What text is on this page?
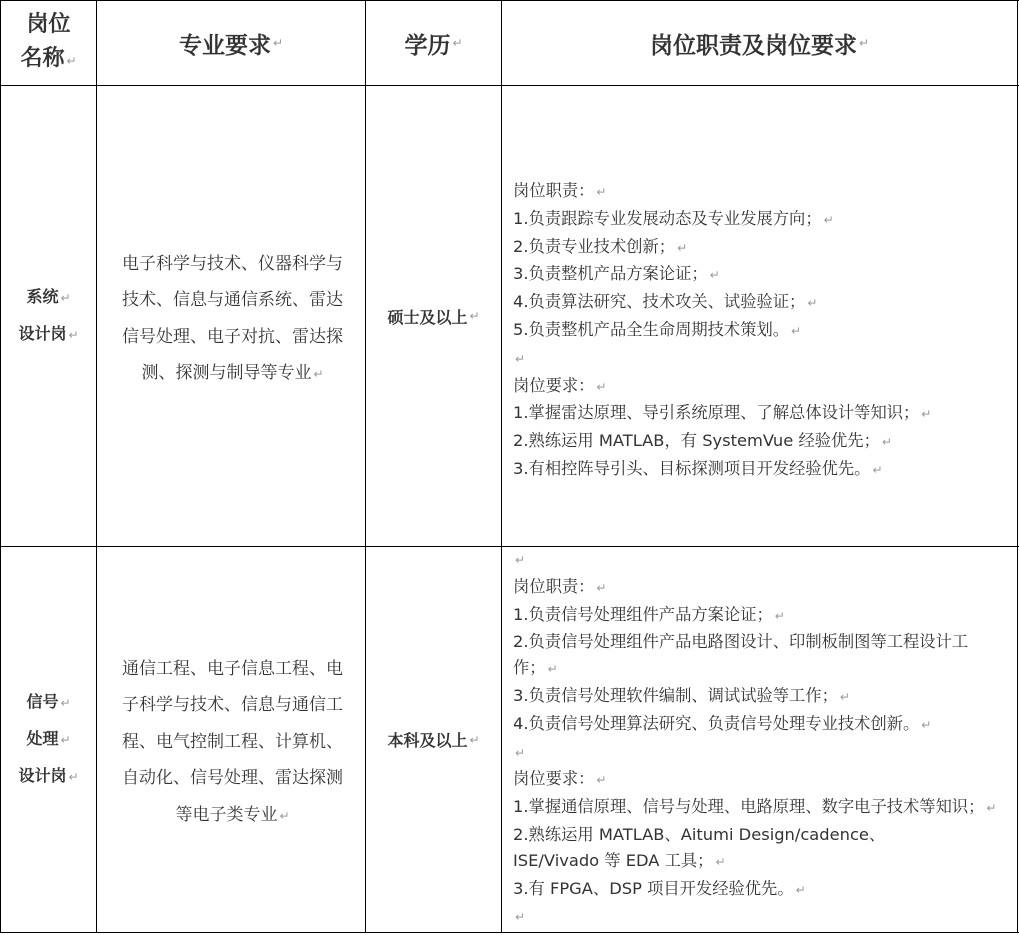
岗位
名称 ↵
专业要求 ↵	学历 ↵	岗位职责及岗位要求 ↵
系统 ↵
设计岗 ↵
电子科学与技术、仪器科学与技术、信息与通信系统、雷达信号处理、电子对抗、雷达探测、探测与制导等专业 ↵
硕士及以上 ↵
岗位职责： ↵
1.负责跟踪专业发展动态及专业发展方向； ↵
2.负责专业技术创新； ↵
3.负责整机产品方案论证； ↵
4.负责算法研究、技术攻关、试验验证； ↵
5.负责整机产品全生命周期技术策划。 ↵
↵
岗位要求： ↵
1.掌握雷达原理、导引系统原理、了解总体设计等知识； ↵
2.熟练运用 MATLAB，有 SystemVue 经验优先； ↵
3.有相控阵导引头、目标探测项目开发经验优先。 ↵
信号 ↵
处理 ↵
设计岗 ↵
通信工程、电子信息工程、电子科学与技术、信息与通信工程、电气控制工程、计算机、自动化、信号处理、雷达探测等电子类专业 ↵
本科及以上 ↵
↵
岗位职责： ↵
1.负责信号处理组件产品方案论证； ↵
2.负责信号处理组件产品电路图设计、印制板制图等工程设计工作； ↵
3.负责信号处理软件编制、调试试验等工作； ↵
4.负责信号处理算法研究、负责信号处理专业技术创新。 ↵
↵
岗位要求： ↵
1.掌握通信原理、信号与处理、电路原理、数字电子技术等知识； ↵
2.熟练运用 MATLAB、Aitumi Design/cadence、ISE/Vivado 等 EDA 工具； ↵
3.有 FPGA、DSP 项目开发经验优先。 ↵
↵
